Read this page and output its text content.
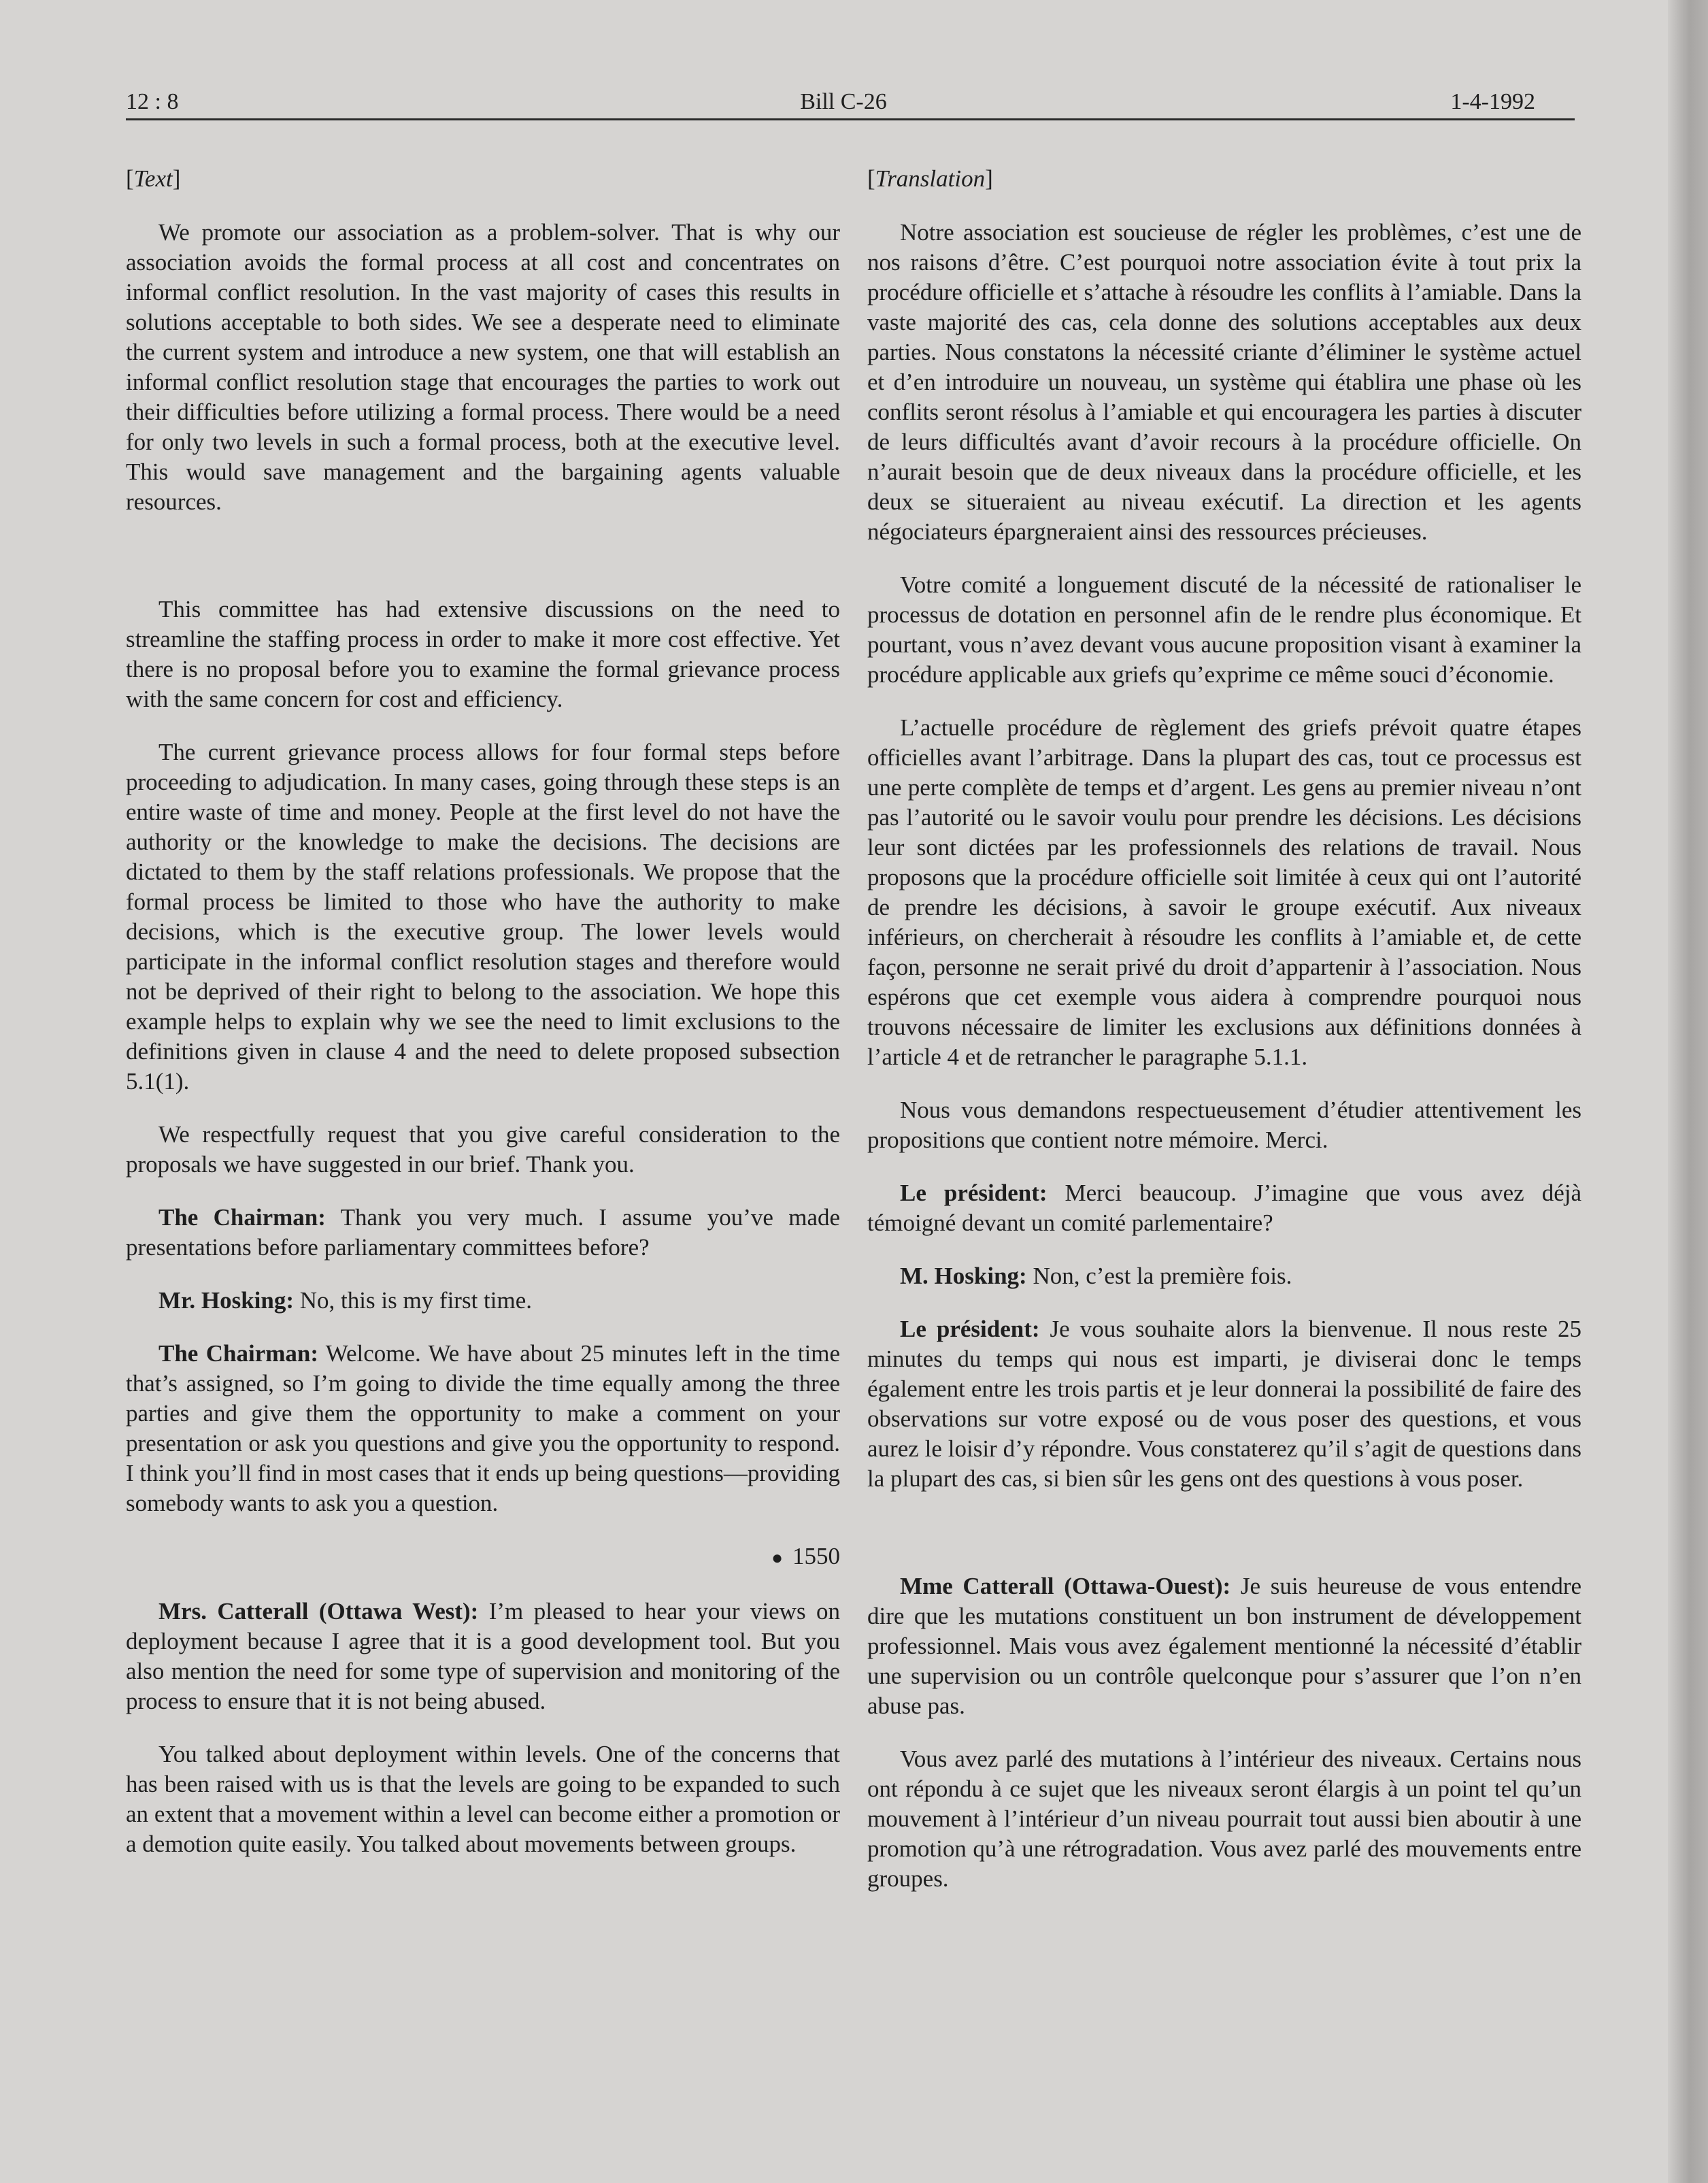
12 : 8	Bill C-26	1-4-1992
[Text]

We promote our association as a problem-solver. That is why our association avoids the formal process at all cost and concentrates on informal conflict resolution. In the vast majority of cases this results in solutions acceptable to both sides. We see a desperate need to eliminate the current system and introduce a new system, one that will establish an informal conflict resolution stage that encourages the parties to work out their difficulties before utilizing a formal process. There would be a need for only two levels in such a formal process, both at the executive level. This would save management and the bargaining agents valuable resources.

This committee has had extensive discussions on the need to streamline the staffing process in order to make it more cost effective. Yet there is no proposal before you to examine the formal grievance process with the same concern for cost and efficiency.

The current grievance process allows for four formal steps before proceeding to adjudication. In many cases, going through these steps is an entire waste of time and money. People at the first level do not have the authority or the knowledge to make the decisions. The decisions are dictated to them by the staff relations professionals. We propose that the formal process be limited to those who have the authority to make decisions, which is the executive group. The lower levels would participate in the informal conflict resolution stages and therefore would not be deprived of their right to belong to the association. We hope this example helps to explain why we see the need to limit exclusions to the definitions given in clause 4 and the need to delete proposed subsection 5.1(1).

We respectfully request that you give careful consideration to the proposals we have suggested in our brief. Thank you.

The Chairman: Thank you very much. I assume you’ve made presentations before parliamentary committees before?

Mr. Hosking: No, this is my first time.

The Chairman: Welcome. We have about 25 minutes left in the time that’s assigned, so I’m going to divide the time equally among the three parties and give them the opportunity to make a comment on your presentation or ask you questions and give you the opportunity to respond. I think you’ll find in most cases that it ends up being questions—providing somebody wants to ask you a question.

● 1550

Mrs. Catterall (Ottawa West): I’m pleased to hear your views on deployment because I agree that it is a good development tool. But you also mention the need for some type of supervision and monitoring of the process to ensure that it is not being abused.

You talked about deployment within levels. One of the concerns that has been raised with us is that the levels are going to be expanded to such an extent that a movement within a level can become either a promotion or a demotion quite easily. You talked about movements between groups.

[Translation]

Notre association est soucieuse de régler les problèmes, c’est une de nos raisons d’être. C’est pourquoi notre association évite à tout prix la procédure officielle et s’attache à résoudre les conflits à l’amiable. Dans la vaste majorité des cas, cela donne des solutions acceptables aux deux parties. Nous constatons la nécessité criante d’éliminer le système actuel et d’en introduire un nouveau, un système qui établira une phase où les conflits seront résolus à l’amiable et qui encouragera les parties à discuter de leurs difficultés avant d’avoir recours à la procédure officielle. On n’aurait besoin que de deux niveaux dans la procédure officielle, et les deux se situeraient au niveau exécutif. La direction et les agents négociateurs épargneraient ainsi des ressources précieuses.

Votre comité a longuement discuté de la nécessité de rationaliser le processus de dotation en personnel afin de le rendre plus économique. Et pourtant, vous n’avez devant vous aucune proposition visant à examiner la procédure applicable aux griefs qu’exprime ce même souci d’économie.

L’actuelle procédure de règlement des griefs prévoit quatre étapes officielles avant l’arbitrage. Dans la plupart des cas, tout ce processus est une perte complète de temps et d’argent. Les gens au premier niveau n’ont pas l’autorité ou le savoir voulu pour prendre les décisions. Les décisions leur sont dictées par les professionnels des relations de travail. Nous proposons que la procédure officielle soit limitée à ceux qui ont l’autorité de prendre les décisions, à savoir le groupe exécutif. Aux niveaux inférieurs, on chercherait à résoudre les conflits à l’amiable et, de cette façon, personne ne serait privé du droit d’appartenir à l’association. Nous espérons que cet exemple vous aidera à comprendre pourquoi nous trouvons nécessaire de limiter les exclusions aux définitions données à l’article 4 et de retrancher le paragraphe 5.1.1.

Nous vous demandons respectueusement d’étudier attentivement les propositions que contient notre mémoire. Merci.

Le président: Merci beaucoup. J’imagine que vous avez déjà témoigné devant un comité parlementaire?

M. Hosking: Non, c’est la première fois.

Le président: Je vous souhaite alors la bienvenue. Il nous reste 25 minutes du temps qui nous est imparti, je diviserai donc le temps également entre les trois partis et je leur donnerai la possibilité de faire des observations sur votre exposé ou de vous poser des questions, et vous aurez le loisir d’y répondre. Vous constaterez qu’il s’agit de questions dans la plupart des cas, si bien sûr les gens ont des questions à vous poser.

Mme Catterall (Ottawa-Ouest): Je suis heureuse de vous entendre dire que les mutations constituent un bon instrument de développement professionnel. Mais vous avez également mentionné la nécessité d’établir une supervision ou un contrôle quelconque pour s’assurer que l’on n’en abuse pas.

Vous avez parlé des mutations à l’intérieur des niveaux. Certains nous ont répondu à ce sujet que les niveaux seront élargis à un point tel qu’un mouvement à l’intérieur d’un niveau pourrait tout aussi bien aboutir à une promotion qu’à une rétrogradation. Vous avez parlé des mouvements entre groupes.
